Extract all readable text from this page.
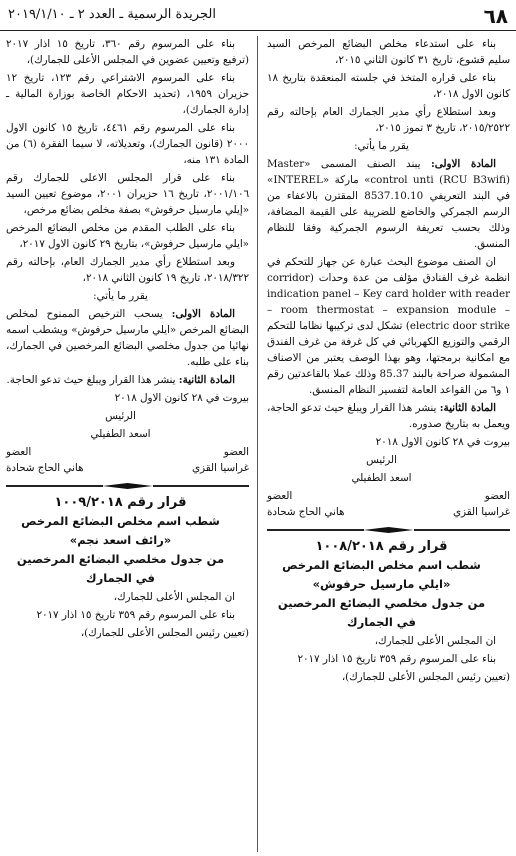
٦٨
الجريدة الرسمية ـ العدد ٢ ـ ٢٠١٩/١/١٠

بناء على استدعاء مخلص البضائع المرخص السيد سليم قشوع، تاريخ ٣١ كانون الثاني ٢٠١٥،

بناء على قراره المتخذ في جلسته المنعقدة بتاريخ ١٨ كانون الاول ٢٠١٨،

وبعد استطلاع رأي مدير الجمارك العام بإحالته رقم ٢٠١٥/٢٥٢٢، تاريخ ٣ تموز ٢٠١٥،

يقرر ما يأتي:

المادة الاولى: يبند الصنف المسمى «Master control unti (RCU B3wifi)» ماركة «INTEREL» في البند التعريفي 8537.10.10 المقترن بالاعفاء من الرسم الجمركي والخاضع للضريبة على القيمة المضافة، وذلك بحسب تعريفة الرسوم الجمركية وفقا للنظام المنسق.

ان الصنف موضوع البحث عبارة عن جهاز للتحكم في انظمة غرف الفنادق مؤلف من عدة وحدات (corridor indication panel – Key card holder with reader – room thermostat – expansion module – electric door strike) تشكل لدى تركيبها نظاما للتحكم الرقمي والتوزيع الكهربائي في كل غرفة من غرف الفندق مع امكانية برمجتها، وهو بهذا الوصف يعتبر من الاصناف المشمولة صراحة بالبند 85.37 وذلك عملا بالقاعدتين رقم ١ و٦ من القواعد العامة لتفسير النظام المنسق.

المادة الثانية: ينشر هذا القرار ويبلغ حيث تدعو الحاجة، ويعمل به بتاريخ صدوره.

بيروت في ٢٨ كانون الاول ٢٠١٨

الرئيس

اسعد الطفيلي

العضو
العضو
غراسيا القزي
هاني الحاج شحادة

قرار رقم ١٠٠٨/٢٠١٨

شطب اسم مخلص البضائع المرخص

«ايلي مارسيل حرفوش»

من جدول مخلصي البضائع المرخصين

في الجمارك

ان المجلس الأعلى للجمارك،

بناء على المرسوم رقم ٣٥٩ تاريخ ١٥ اذار ٢٠١٧

(تعيين رئيس المجلس الأعلى للجمارك)،

بناء على المرسوم رقم ٣٦٠، تاريخ ١٥ اذار ٢٠١٧ (ترفيع وتعيين عضوين في المجلس الأعلى للجمارك)،

بناء على المرسوم الاشتراعي رقم ١٢٣، تاريخ ١٢ حزيران ١٩٥٩، (تحديد الاحكام الخاصة بوزارة المالية ـ إدارة الجمارك)،

بناء على المرسوم رقم ٤٤٦١، تاريخ ١٥ كانون الاول ٢٠٠٠ (قانون الجمارك)، وتعديلاته، لا سيما الفقرة (٦) من المادة ١٣١ منه،

بناء على قرار المجلس الاعلى للجمارك رقم ٢٠٠١/١٠٦، تاريخ ١٦ حزيران ٢٠٠١، موضوع تعيين السيد «إيلي مارسيل حرفوش» بصفة مخلص بضائع مرخص،

بناء على الطلب المقدم من مخلص البضائع المرخص «ايلي مارسيل حرفوش»، بتاريخ ٢٩ كانون الاول ٢٠١٧،

وبعد استطلاع رأي مدير الجمارك العام، بإحالته رقم ٢٠١٨/٣٢٢، تاريخ ١٩ كانون الثاني ٢٠١٨،

يقرر ما يأتي:

المادة الاولى: يسحب الترخيص الممنوح لمخلص البضائع المرخص «ايلي مارسيل حرفوش» ويشطب اسمه نهائيا من جدول مخلصي البضائع المرخصين في الجمارك، بناء على طلبه.

المادة الثانية: ينشر هذا القرار ويبلغ حيث تدعو الحاجة.

بيروت في ٢٨ كانون الاول ٢٠١٨

الرئيس

اسعد الطفيلي

العضو
العضو
غراسيا القزي
هاني الحاج شحادة

قرار رقم ١٠٠٩/٢٠١٨

شطب اسم مخلص البضائع المرخص

«رائف اسعد نجم»

من جدول مخلصي البضائع المرخصين

في الجمارك

ان المجلس الأعلى للجمارك،

بناء على المرسوم رقم ٣٥٩ تاريخ ١٥ اذار ٢٠١٧

(تعيين رئيس المجلس الأعلى للجمارك)،
